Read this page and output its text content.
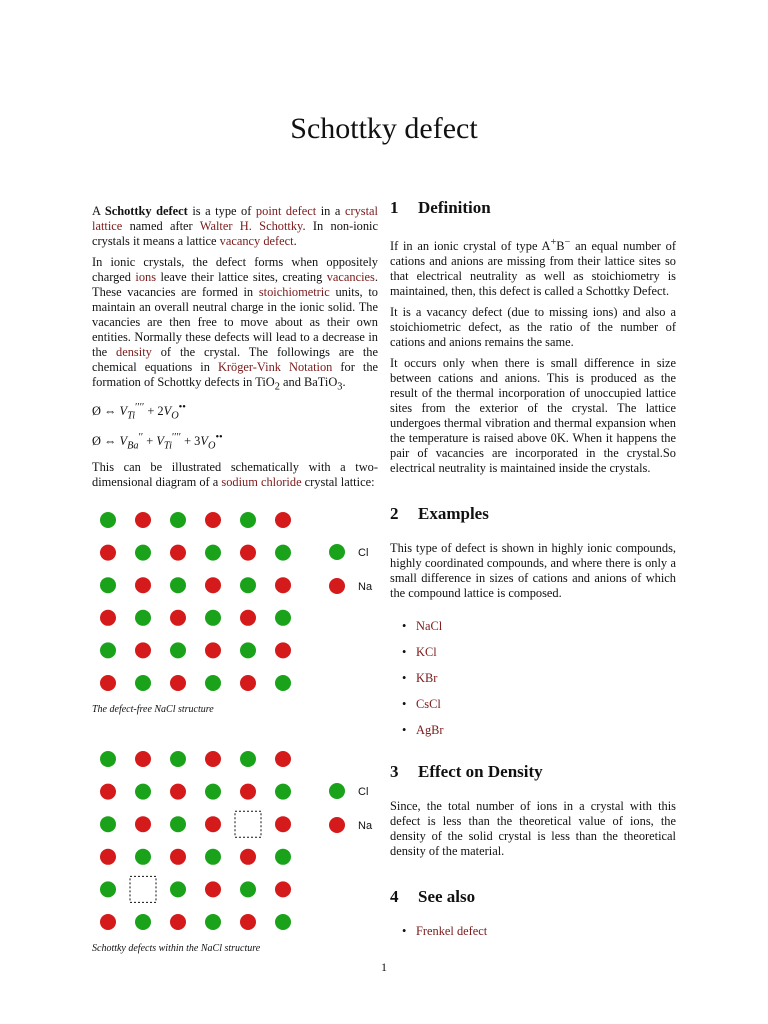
Schottky defect

A Schottky defect is a type of point defect in a crystal lattice named after Walter H. Schottky. In non-ionic crystals it means a lattice vacancy defect.

In ionic crystals, the defect forms when oppositely charged ions leave their lattice sites, creating vacancies. These vacancies are formed in stoichiometric units, to maintain an overall neutral charge in the ionic solid. The vacancies are then free to move about as their own entities. Normally these defects will lead to a decrease in the density of the crystal. The followings are the chemical equations in Kröger-Vink Notation for the formation of Schottky defects in TiO$_2$ and BaTiO$_3$.

Ø ⇔ $V_{Ti}'''' + 2V_O^{••}$
Ø ⇔ $V_{Ba}'' + V_{Ti}'''' + 3V_O^{••}$

This can be illustrated schematically with a two-dimensional diagram of a sodium chloride crystal lattice:

Cl
Na
The defect-free NaCl structure
Cl
Na
Schottky defects within the NaCl structure
1 Definition

If in an ionic crystal of type A+B− an equal number of cations and anions are missing from their lattice sites so that electrical neutrality as well as stoichiometry is maintained, then, this defect is called a Schottky Defect.

It is a vacancy defect (due to missing ions) and also a stoichiometric defect, as the ratio of the number of cations and anions remains the same.

It occurs only when there is small difference in size between cations and anions. This is produced as the result of the thermal incorporation of unoccupied lattice sites from the exterior of the crystal. The lattice undergoes thermal vibration and thermal expansion when the temperature is raised above 0K. When it happens the pair of vacancies are incorporated in the crystal.So electrical neutrality is maintained inside the crystals.

2 Examples

This type of defect is shown in highly ionic compounds, highly coordinated compounds, and where there is only a small difference in sizes of cations and anions of which the compound lattice is composed.

• NaCl
• KCl
• KBr
• CsCl
• AgBr
3 Effect on Density

Since, the total number of ions in a crystal with this defect is less than the theoretical value of ions, the density of the solid crystal is less than the theoretical density of the material.

4 See also
• Frenkel defect
1
